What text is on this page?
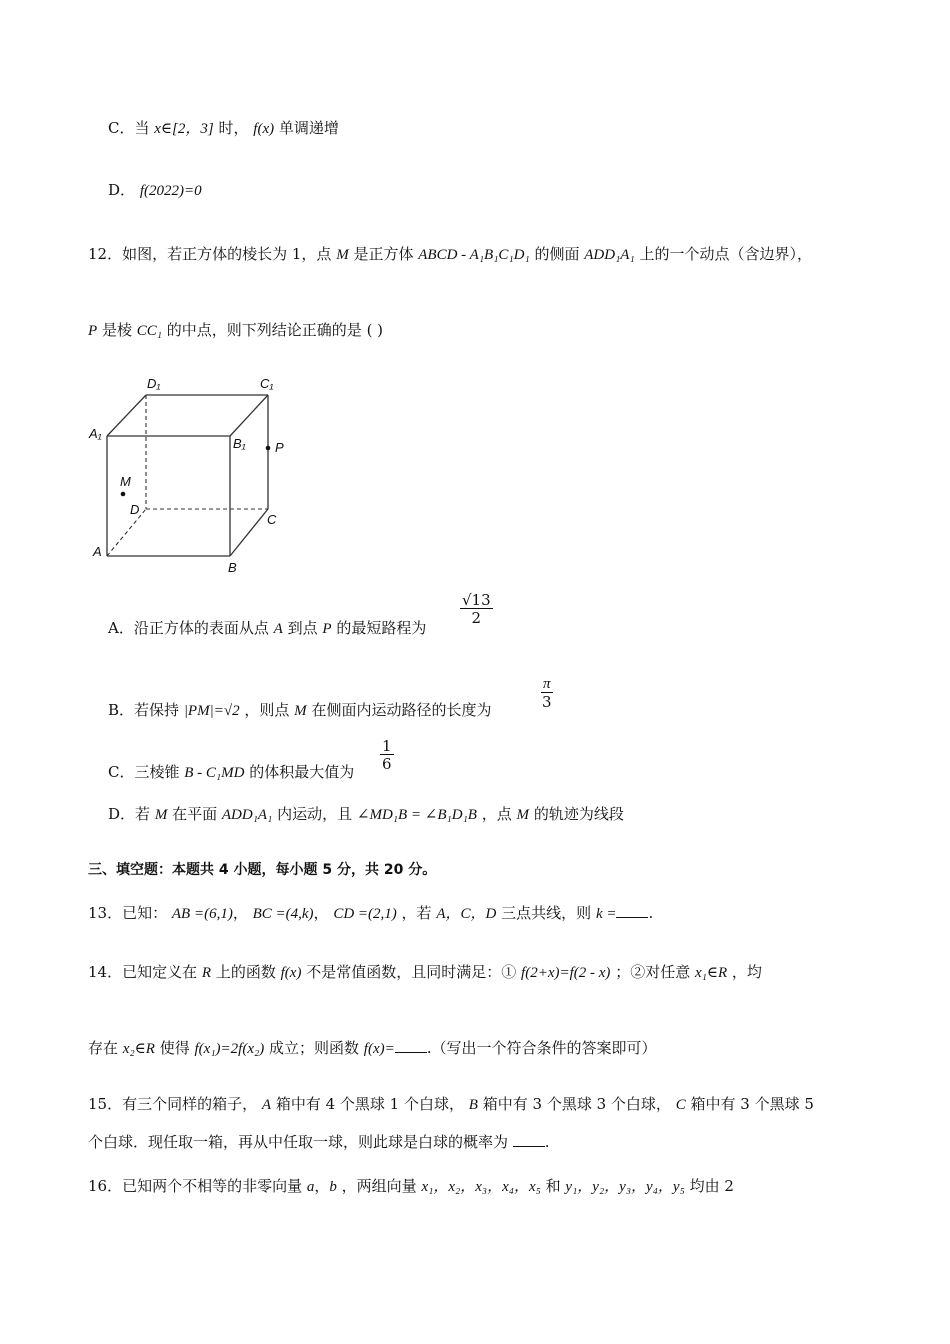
C．当 x∈[2，3] 时， f(x) 单调递增
D． f(2022)=0
12．如图，若正方体的棱长为 1，点 M 是正方体 ABCD - A₁B₁C₁D₁ 的侧面 ADD₁A₁ 上的一个动点（含边界），
P 是棱 CC₁ 的中点，则下列结论正确的是 ( )
D₁	C₁
A₁
B₁ P
M
D
C
A
B
A．沿正方体的表面从点 A 到点 P 的最短路程为
$\frac{√13}{2}$
B．若保持 |PM|=√2 ，则点 M 在侧面内运动路径的长度为	$\frac{\pi}{3}$
C．三棱锥 B - C₁MD 的体积最大值为 $\frac{1}{6}$
D．若 M 在平面 ADD₁A₁ 内运动，且 ∠MD₁B = ∠B₁D₁B ，点 M 的轨迹为线段
三、填空题：本题共 4 小题，每小题 5 分，共 20 分。
13．已知： AB =(6,1)， BC =(4,k)， CD =(2,1) ，若 A，C，D 三点共线，则 k = .
14．已知定义在 R 上的函数 f(x) 不是常值函数，且同时满足：① f(2+x)=f(2 - x) ；②对任意 x₁∈R ，均
存在 x₂∈R 使得 f(x₁)=2f(x₂) 成立；则函数 f(x)= .（写出一个符合条件的答案即可）
15．有三个同样的箱子， A 箱中有 4 个黑球 1 个白球， B 箱中有 3 个黑球 3 个白球， C 箱中有 3 个黑球 5
个白球．现任取一箱，再从中任取一球，则此球是白球的概率为 .
16．已知两个不相等的非零向量 a，b ，两组向量 x₁，x₂，x₃，x₄，x₅ 和 y₁，y₂，y₃，y₄，y₅ 均由 2
